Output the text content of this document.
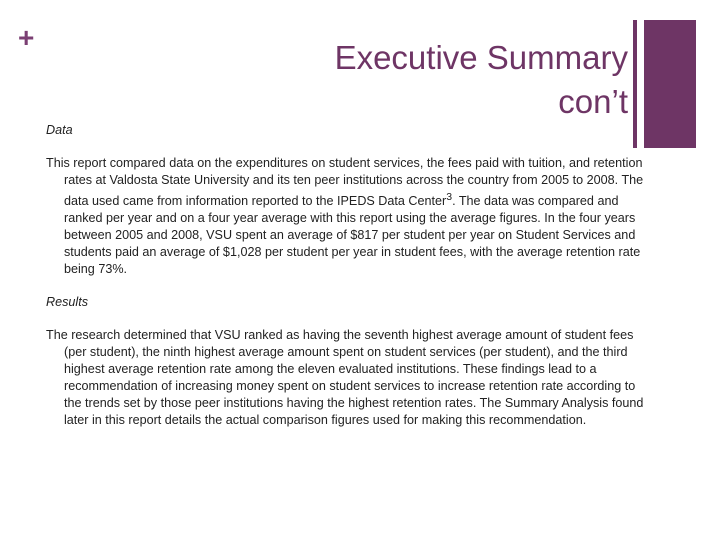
+
Executive Summary
con’t
Data
This report compared data on the expenditures on student services, the fees paid with tuition, and retention rates at Valdosta State University and its ten peer institutions across the country from 2005 to 2008. The data used came from information reported to the IPEDS Data Center$^3$. The data was compared and ranked per year and on a four year average with this report using the average figures. In the four years between 2005 and 2008, VSU spent an average of $817 per student per year on Student Services and students paid an average of $1,028 per student per year in student fees, with the average retention rate being 73%.
Results
The research determined that VSU ranked as having the seventh highest average amount of student fees (per student), the ninth highest average amount spent on student services (per student), and the third highest average retention rate among the eleven evaluated institutions. These findings lead to a recommendation of increasing money spent on student services to increase retention rate according to the trends set by those peer institutions having the highest retention rates. The Summary Analysis found later in this report details the actual comparison figures used for making this recommendation.
